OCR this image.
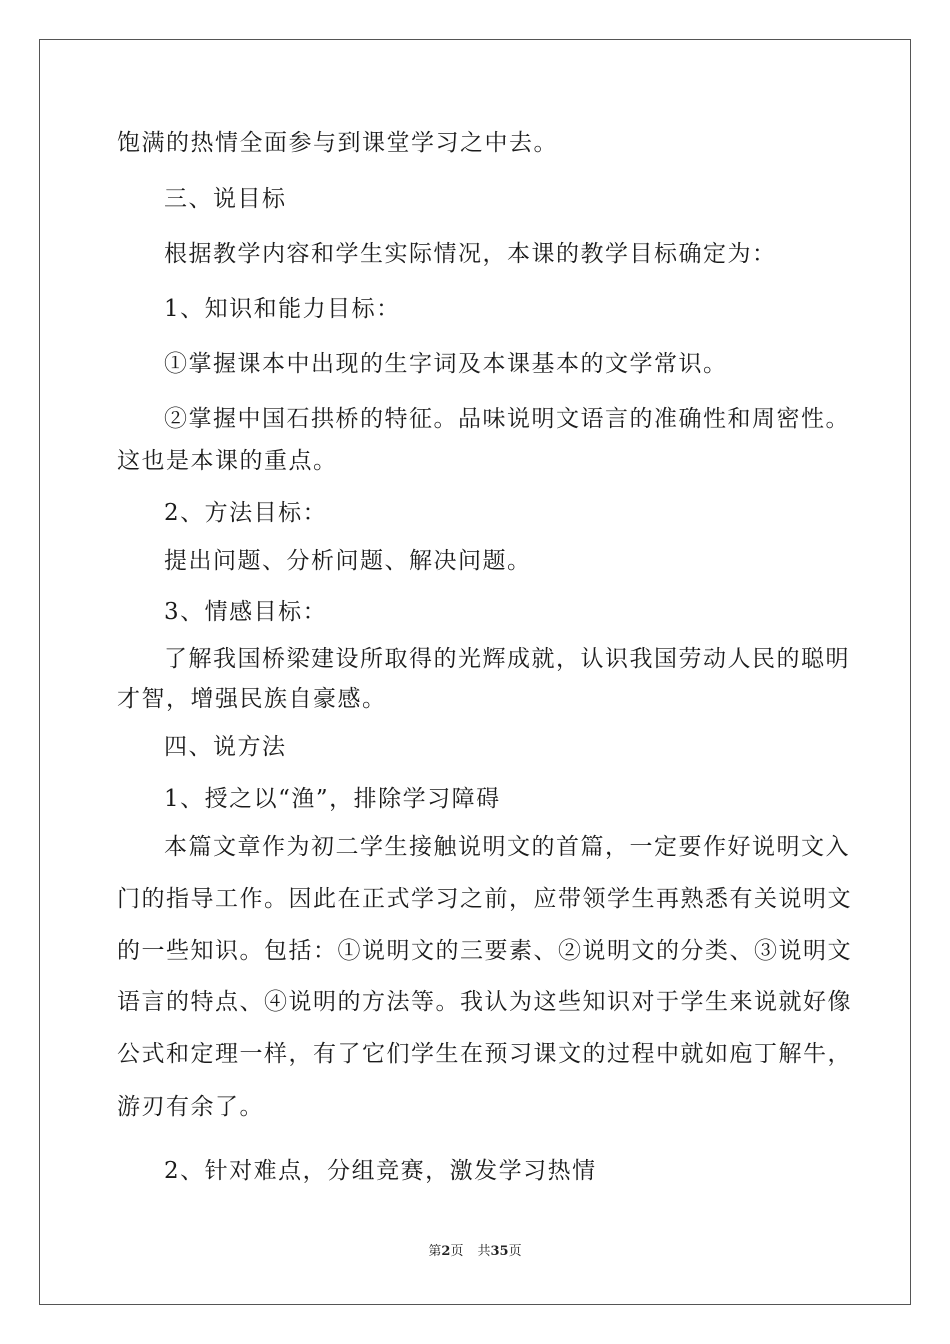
饱满的热情全面参与到课堂学习之中去。
三、说目标
根据教学内容和学生实际情况，本课的教学目标确定为：
1、知识和能力目标：
①掌握课本中出现的生字词及本课基本的文学常识。
②掌握中国石拱桥的特征。品味说明文语言的准确性和周密性。
这也是本课的重点。
2、方法目标：
提出问题、分析问题、解决问题。
3、情感目标：
了解我国桥梁建设所取得的光辉成就，认识我国劳动人民的聪明
才智，增强民族自豪感。
四、说方法
1、授之以“渔”，排除学习障碍
本篇文章作为初二学生接触说明文的首篇，一定要作好说明文入
门的指导工作。因此在正式学习之前，应带领学生再熟悉有关说明文
的一些知识。包括：①说明文的三要素、②说明文的分类、③说明文
语言的特点、④说明的方法等。我认为这些知识对于学生来说就好像
公式和定理一样，有了它们学生在预习课文的过程中就如庖丁解牛，
游刃有余了。
2、针对难点，分组竞赛，激发学习热情
第2页 共35页
